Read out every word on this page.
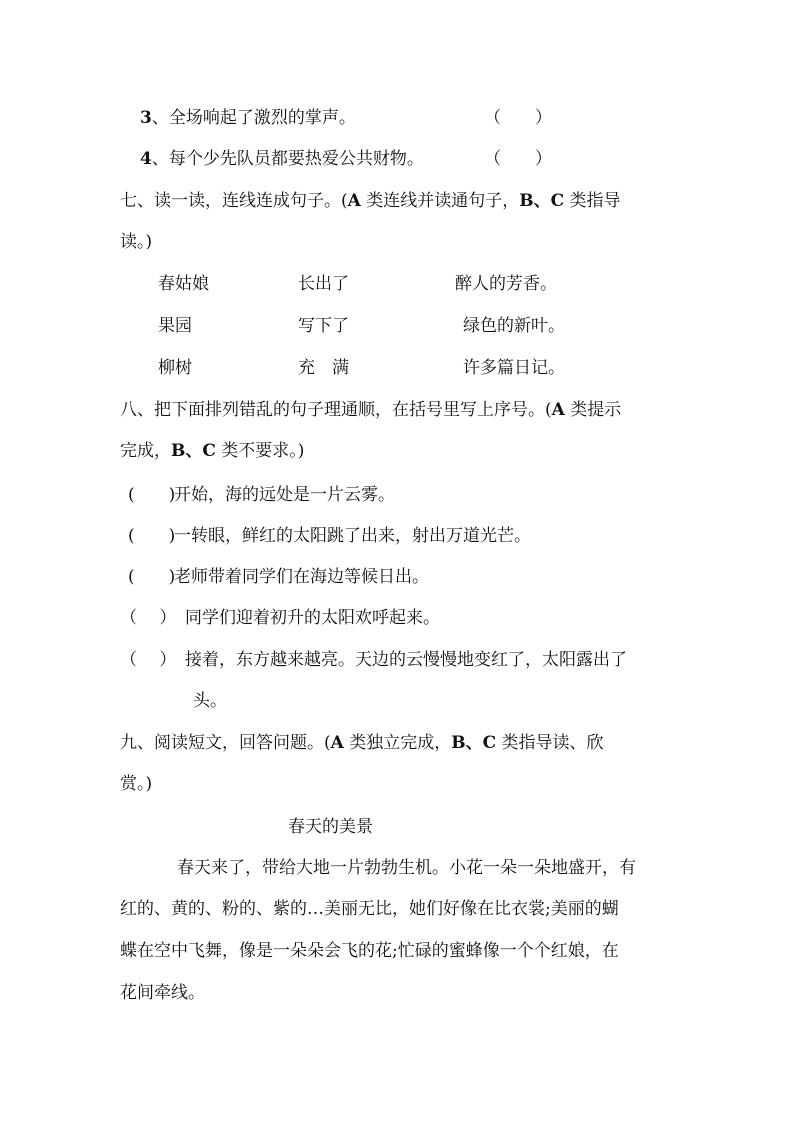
3、全场响起了激烈的掌声。	（　　）
4、每个少先队员都要热爱公共财物。	（　　）
七、读一读，连线连成句子。(A 类连线并读通句子，B、C 类指导
读。)
春姑娘	长出了	醉人的芳香。
果园	写下了	绿色的新叶。
柳树	充　满	许多篇日记。
八、把下面排列错乱的句子理通顺，在括号里写上序号。(A 类提示
完成，B、C 类不要求。)
(　　)
开始，海的远处是一片云雾。
(　　)
一转眼，鲜红的太阳跳了出来，射出万道光芒。
(　　)
老师带着同学们在海边等候日出。
（　 ） 同学们迎着初升的太阳欢呼起来。
（　 ） 接着，东方越来越亮。天边的云慢慢地变红了，太阳露出了
头。
九、阅读短文，回答问题。(A 类独立完成，B、C 类指导读、欣
赏。)
春天的美景
春天来了，带给大地一片勃勃生机。小花一朵一朵地盛开，有
红的、黄的、粉的、紫的…美丽无比，她们好像在比衣裳;美丽的蝴
蝶在空中飞舞，像是一朵朵会飞的花;忙碌的蜜蜂像一个个红娘，在
花间牵线。
